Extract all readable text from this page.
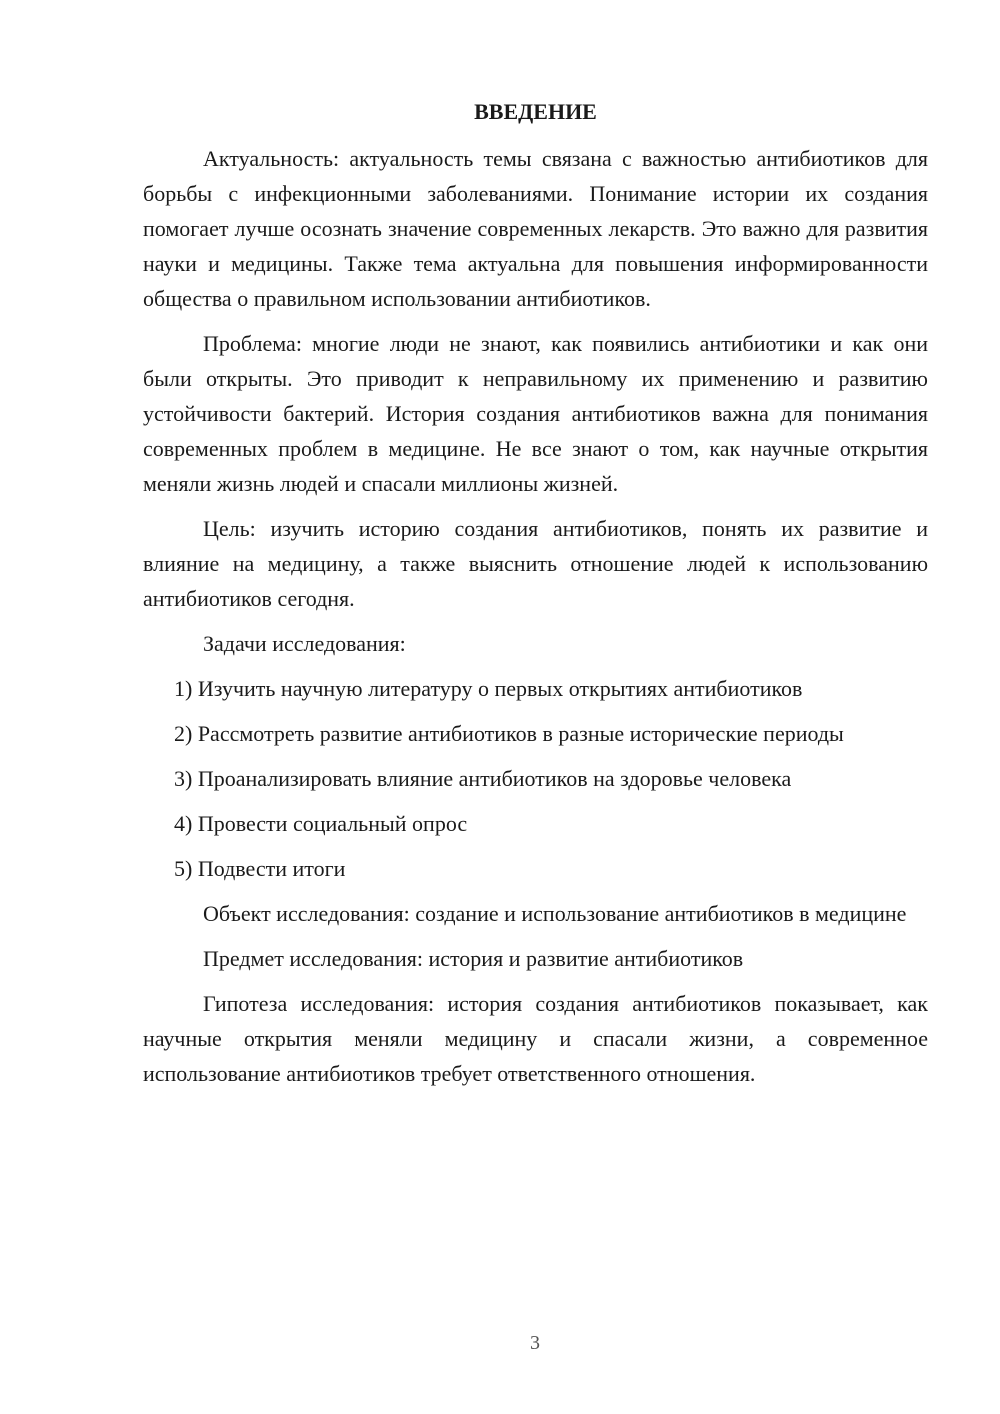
ВВЕДЕНИЕ

Актуальность: актуальность темы связана с важностью антибиотиков для борьбы с инфекционными заболеваниями. Понимание истории их создания помогает лучше осознать значение современных лекарств. Это важно для развития науки и медицины. Также тема актуальна для повышения информированности общества о правильном использовании антибиотиков.

Проблема: многие люди не знают, как появились антибиотики и как они были открыты. Это приводит к неправильному их применению и развитию устойчивости бактерий. История создания антибиотиков важна для понимания современных проблем в медицине. Не все знают о том, как научные открытия меняли жизнь людей и спасали миллионы жизней.

Цель: изучить историю создания антибиотиков, понять их развитие и влияние на медицину, а также выяснить отношение людей к использованию антибиотиков сегодня.

Задачи исследования:

1) Изучить научную литературу о первых открытиях антибиотиков

2) Рассмотреть развитие антибиотиков в разные исторические периоды

3) Проанализировать влияние антибиотиков на здоровье человека

4) Провести социальный опрос

5) Подвести итоги

Объект исследования: создание и использование антибиотиков в медицине

Предмет исследования: история и развитие антибиотиков

Гипотеза исследования: история создания антибиотиков показывает, как научные открытия меняли медицину и спасали жизни, а современное использование антибиотиков требует ответственного отношения.

3
